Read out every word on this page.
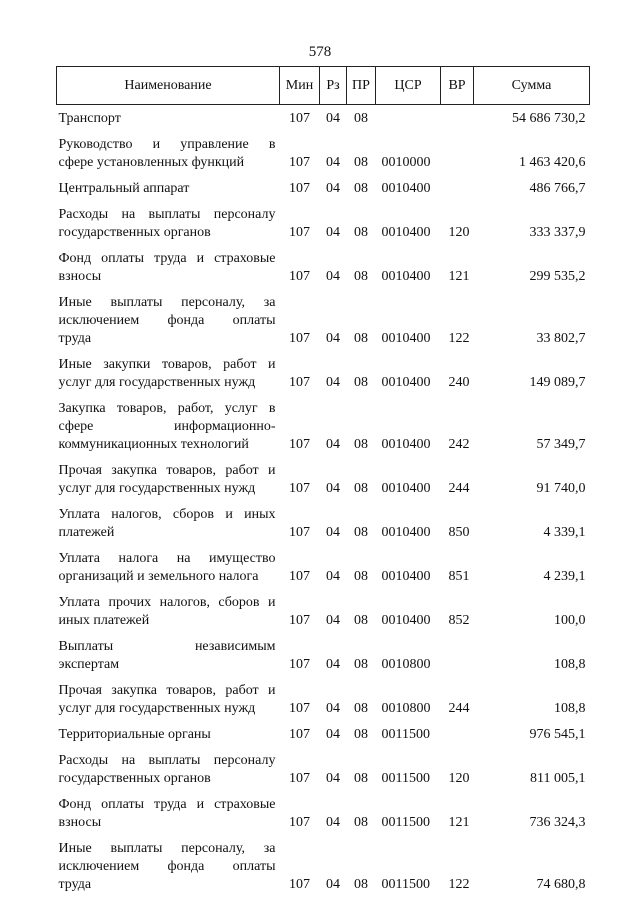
578
Наименование	Мин	Рз	ПР	ЦСР	ВР	Сумма

Транспорт	107	04	08			54 686 730,2

Руководство и управление в
сфере установленных функций	107	04	08	0010000		1 463 420,6

Центральный аппарат	107	04	08	0010400		486 766,7

Расходы на выплаты персоналу
государственных органов	107	04	08	0010400	120	333 337,9

Фонд оплаты труда и страховые
взносы	107	04	08	0010400	121	299 535,2

Иные выплаты персоналу, за
исключением фонда оплаты
труда	107	04	08	0010400	122	33 802,7

Иные закупки товаров, работ и
услуг для государственных нужд	107	04	08	0010400	240	149 089,7

Закупка товаров, работ, услуг в
сфере информационно-
коммуникационных технологий	107	04	08	0010400	242	57 349,7

Прочая закупка товаров, работ и
услуг для государственных нужд	107	04	08	0010400	244	91 740,0

Уплата налогов, сборов и иных
платежей	107	04	08	0010400	850	4 339,1

Уплата налога на имущество
организаций и земельного налога	107	04	08	0010400	851	4 239,1

Уплата прочих налогов, сборов и
иных платежей	107	04	08	0010400	852	100,0

Выплаты независимым
экспертам	107	04	08	0010800		108,8

Прочая закупка товаров, работ и
услуг для государственных нужд	107	04	08	0010800	244	108,8

Территориальные органы	107	04	08	0011500		976 545,1

Расходы на выплаты персоналу
государственных органов	107	04	08	0011500	120	811 005,1

Фонд оплаты труда и страховые
взносы	107	04	08	0011500	121	736 324,3

Иные выплаты персоналу, за
исключением фонда оплаты
труда	107	04	08	0011500	122	74 680,8
